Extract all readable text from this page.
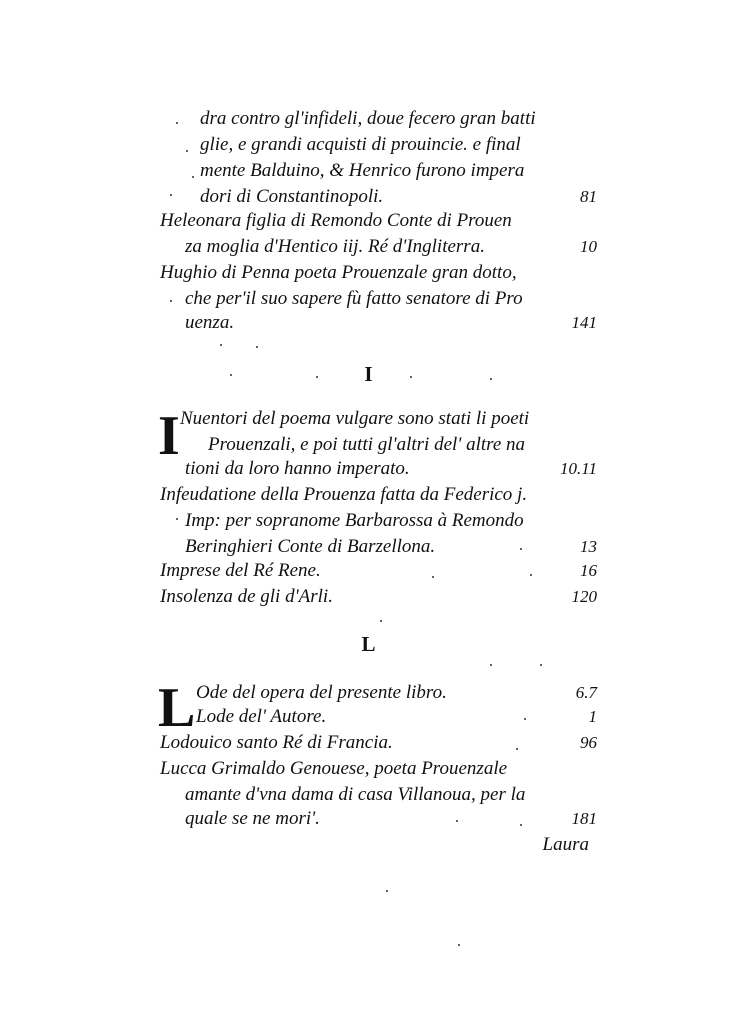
dra contro gl'infideli, doue fecero gran batti
glie, e grandi acquisti di prouincie. e final
mente Balduino, & Henrico furono impera
dori di Constantinopoli.	81
Heleonara figlia di Remondo Conte di Prouen
za moglia d'Hentico iij. Ré d'Ingliterra.	10
Hughio di Penna poeta Prouenzale gran dotto,
che per'il suo sapere fù fatto senatore di Pro
uenza.	141
I
I Nuentori del poema vulgare sono stati li poeti
Prouenzali, e poi tutti gl'altri del' altre na
tioni da loro hanno imperato.	10.11
Infeudatione della Prouenza fatta da Federico j.
Imp: per sopranome Barbarossa à Remondo
Beringhieri Conte di Barzellona.	13
Imprese del Ré Rene.	16
Insolenza de gli d'Arli.	120
L
L Ode del opera del presente libro.	6.7
Lode del' Autore.	1
Lodouico santo Ré di Francia.	96
Lucca Grimaldo Genouese, poeta Prouenzale
amante d'vna dama di casa Villanoua, per la
quale se ne mori'.	181
Laura
